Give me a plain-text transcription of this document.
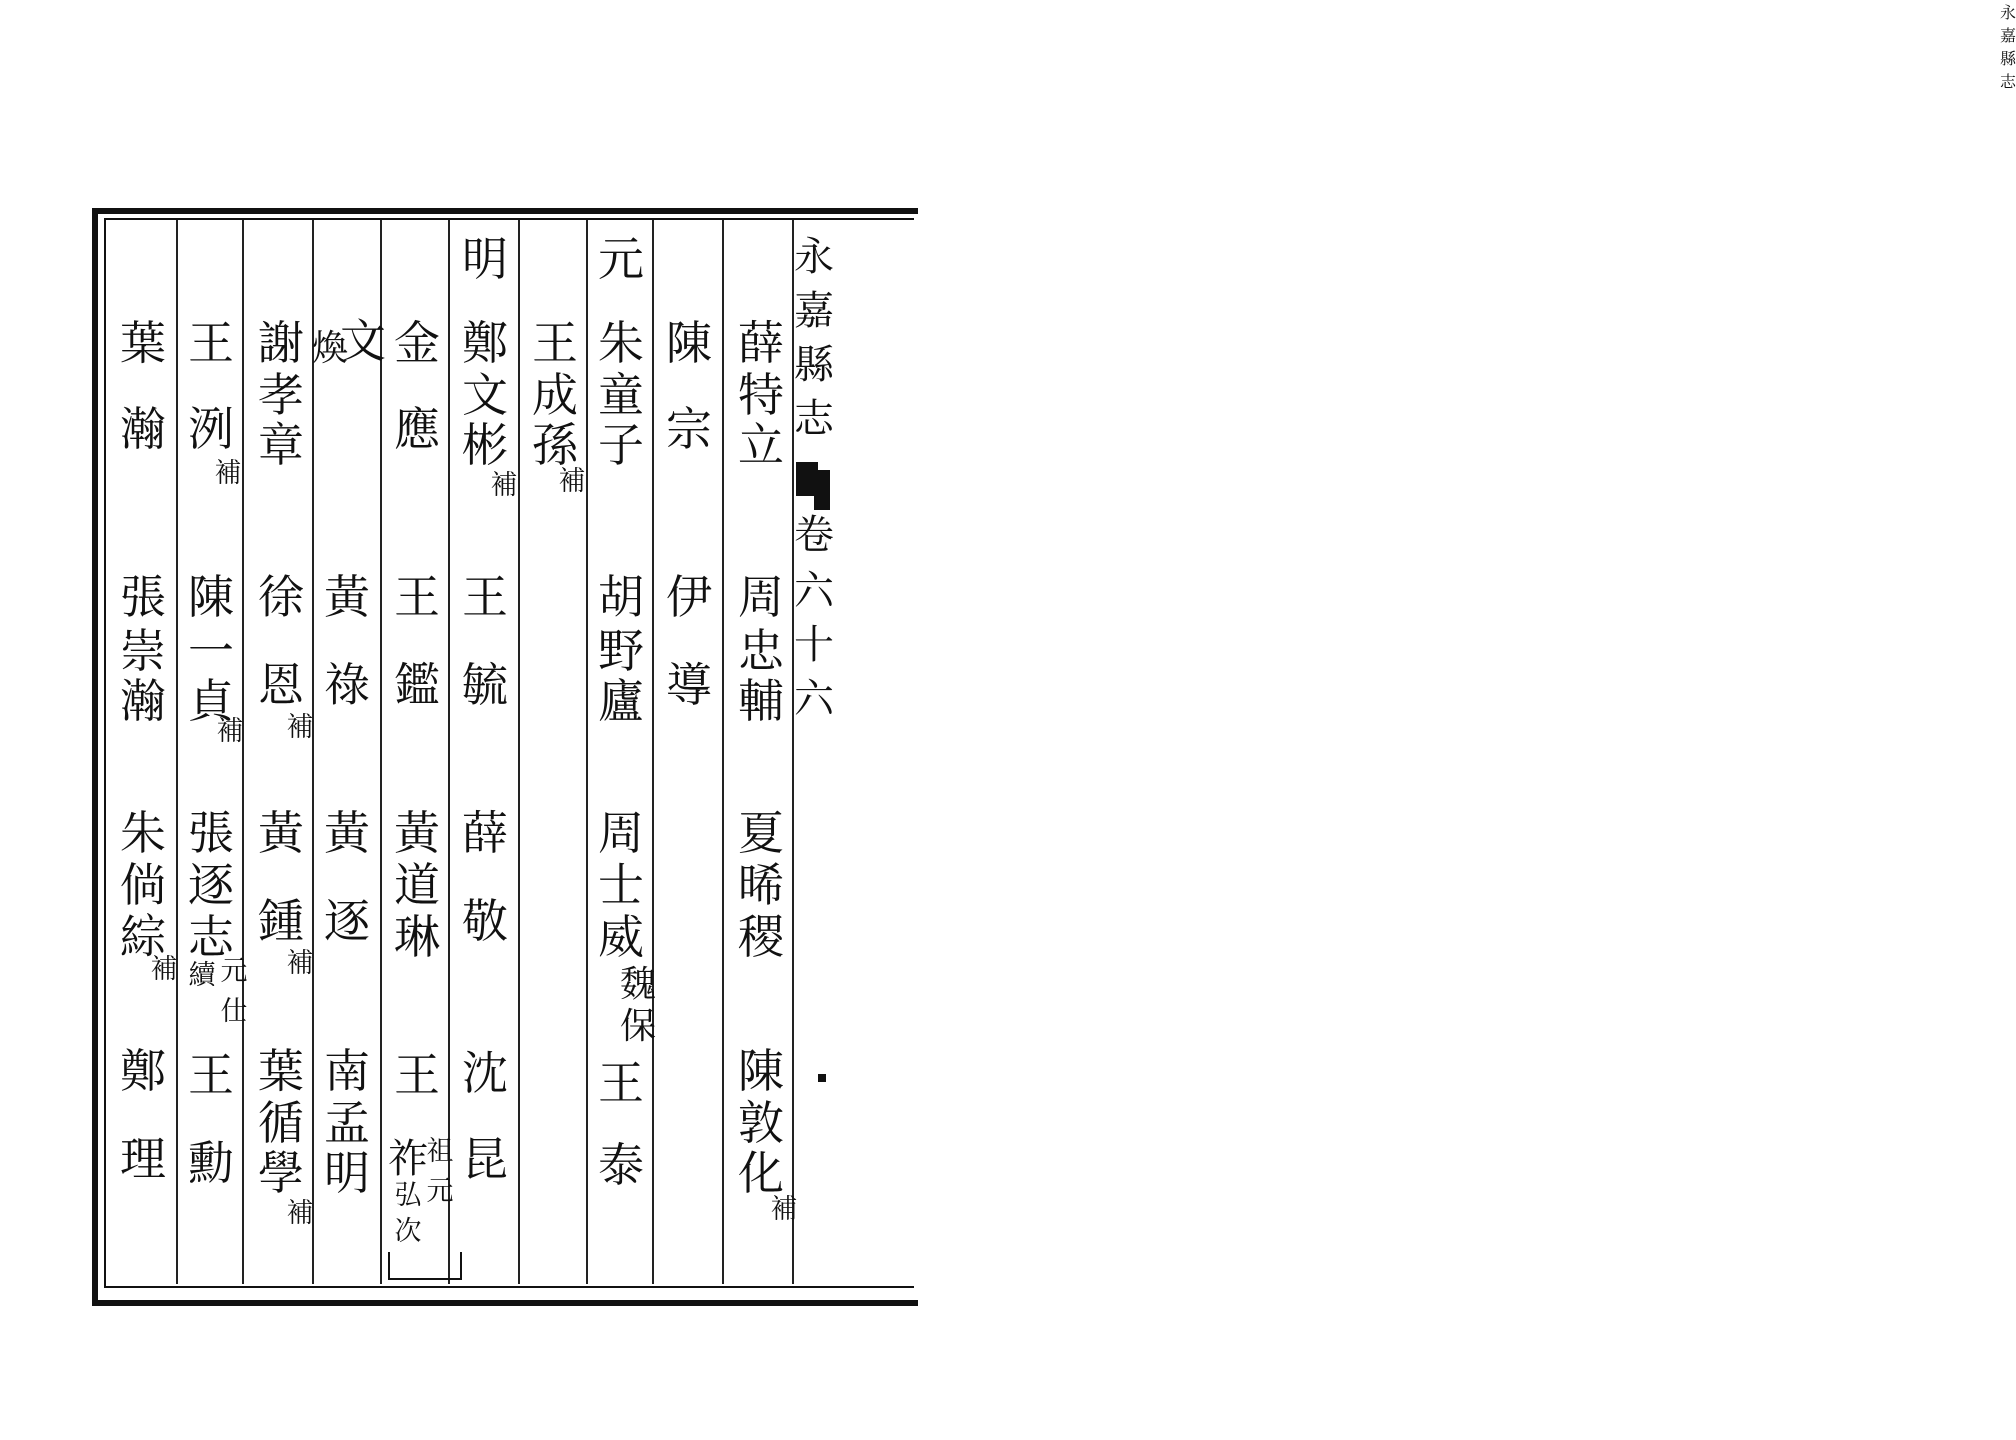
永嘉縣志
永
嘉
縣
志
卷
六
十
六
薛
特
立
周
忠
輔
夏
晞
稷
陳
敦
化
補
陳
宗
伊
導
元
朱
童
子
胡
野
廬
周
士
威
魏
保
王
泰
王
成
孫
補
明
鄭
文
彬
補
王
毓
薛
敬
沈
昆
金
應
王
鑑
黃
道
琳
王
祚
祖
元
弘
次
文
煥
黃
祿
黃
逐
南
孟
明
謝
孝
章
徐
恩
補
黃
鍾
補
葉
循
學
補
王
洌
補
陳
一
貞
補
張
逐
志
元
仕
續
王
勳
葉
瀚
張
崇
瀚
朱
倘
綜
補
鄭
理
